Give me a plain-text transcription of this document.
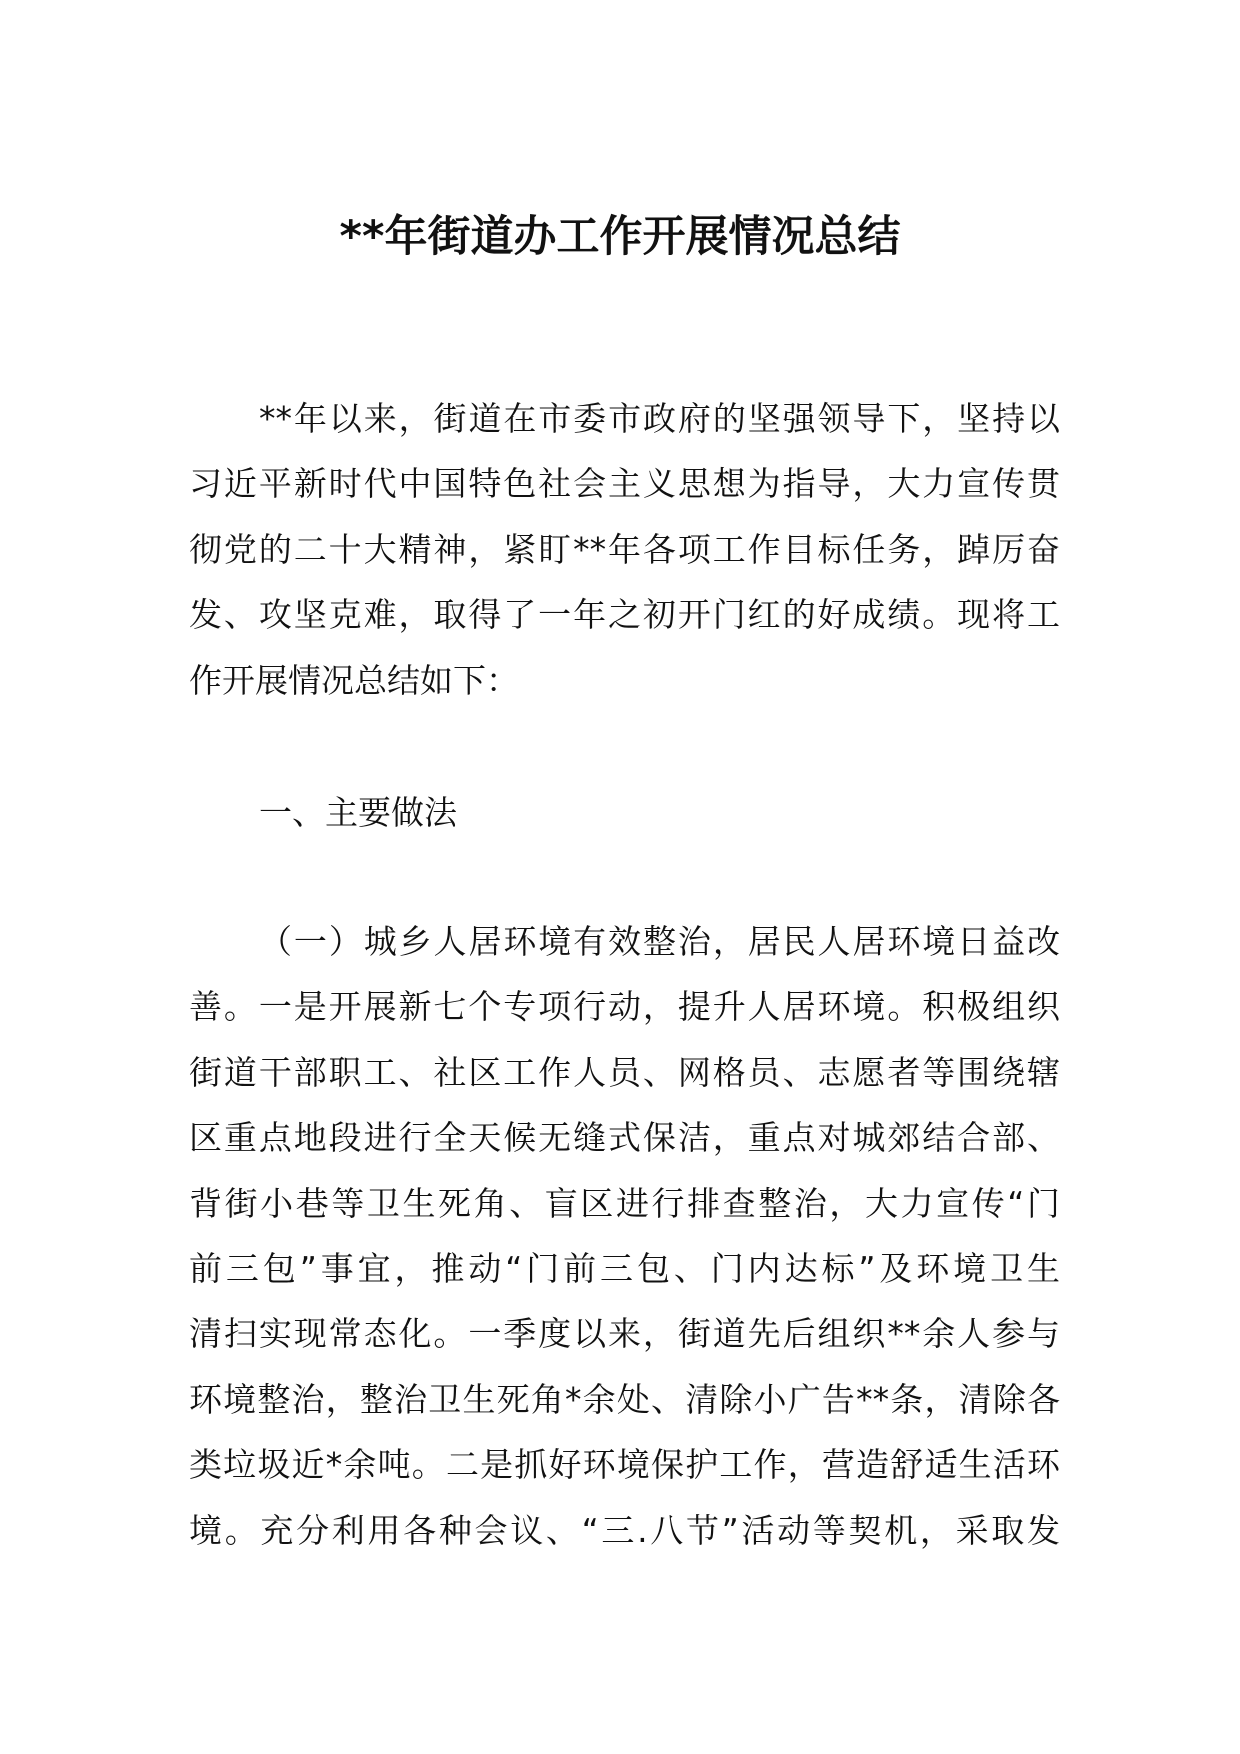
**年街道办工作开展情况总结
**年以来，街道在市委市政府的坚强领导下，坚持以
习近平新时代中国特色社会主义思想为指导，大力宣传贯
彻党的二十大精神，紧盯**年各项工作目标任务，踔厉奋
发、攻坚克难，取得了一年之初开门红的好成绩。现将工
作开展情况总结如下：
一、主要做法
（一）城乡人居环境有效整治，居民人居环境日益改
善。一是开展新七个专项行动，提升人居环境。积极组织
街道干部职工、社区工作人员、网格员、志愿者等围绕辖
区重点地段进行全天候无缝式保洁，重点对城郊结合部、
背街小巷等卫生死角、盲区进行排查整治，大力宣传“门
前三包”事宜，推动“门前三包、门内达标”及环境卫生
清扫实现常态化。一季度以来，街道先后组织**余人参与
环境整治，整治卫生死角*余处、清除小广告**条，清除各
类垃圾近*余吨。二是抓好环境保护工作，营造舒适生活环
境。充分利用各种会议、“三.八节”活动等契机，采取发
